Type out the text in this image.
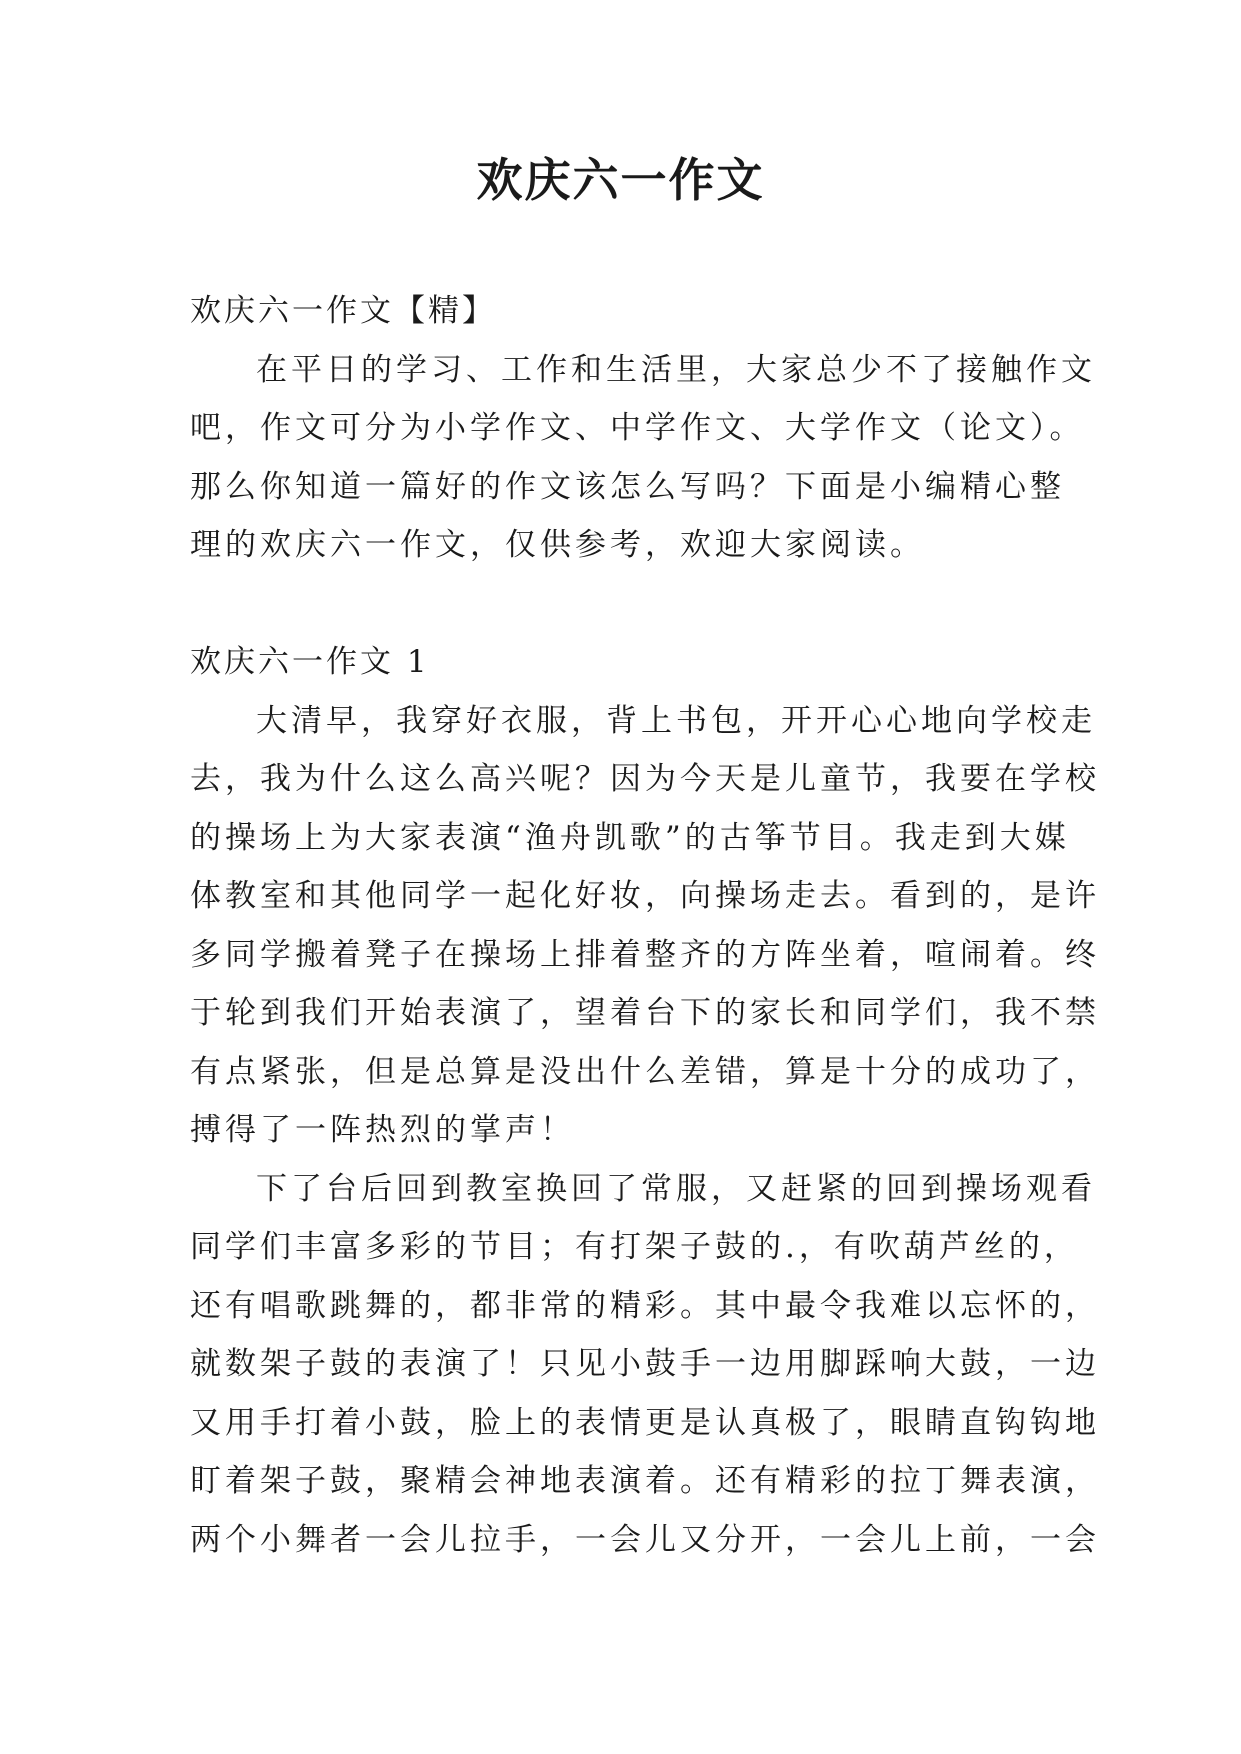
欢庆六一作文
欢庆六一作文【精】
在平日的学习、工作和生活里，大家总少不了接触作文
吧，作文可分为小学作文、中学作文、大学作文（论文）。
那么你知道一篇好的作文该怎么写吗？下面是小编精心整
理的欢庆六一作文，仅供参考，欢迎大家阅读。
欢庆六一作文 1
大清早，我穿好衣服，背上书包，开开心心地向学校走
去，我为什么这么高兴呢？因为今天是儿童节，我要在学校
的操场上为大家表演“渔舟凯歌”的古筝节目。我走到大媒
体教室和其他同学一起化好妆，向操场走去。看到的，是许
多同学搬着凳子在操场上排着整齐的方阵坐着，喧闹着。终
于轮到我们开始表演了，望着台下的家长和同学们，我不禁
有点紧张，但是总算是没出什么差错，算是十分的成功了，
搏得了一阵热烈的掌声！
下了台后回到教室换回了常服，又赶紧的回到操场观看
同学们丰富多彩的节目；有打架子鼓的.，有吹葫芦丝的，
还有唱歌跳舞的，都非常的精彩。其中最令我难以忘怀的，
就数架子鼓的表演了！只见小鼓手一边用脚踩响大鼓，一边
又用手打着小鼓，脸上的表情更是认真极了，眼睛直钩钩地
盯着架子鼓，聚精会神地表演着。还有精彩的拉丁舞表演，
两个小舞者一会儿拉手，一会儿又分开，一会儿上前，一会
